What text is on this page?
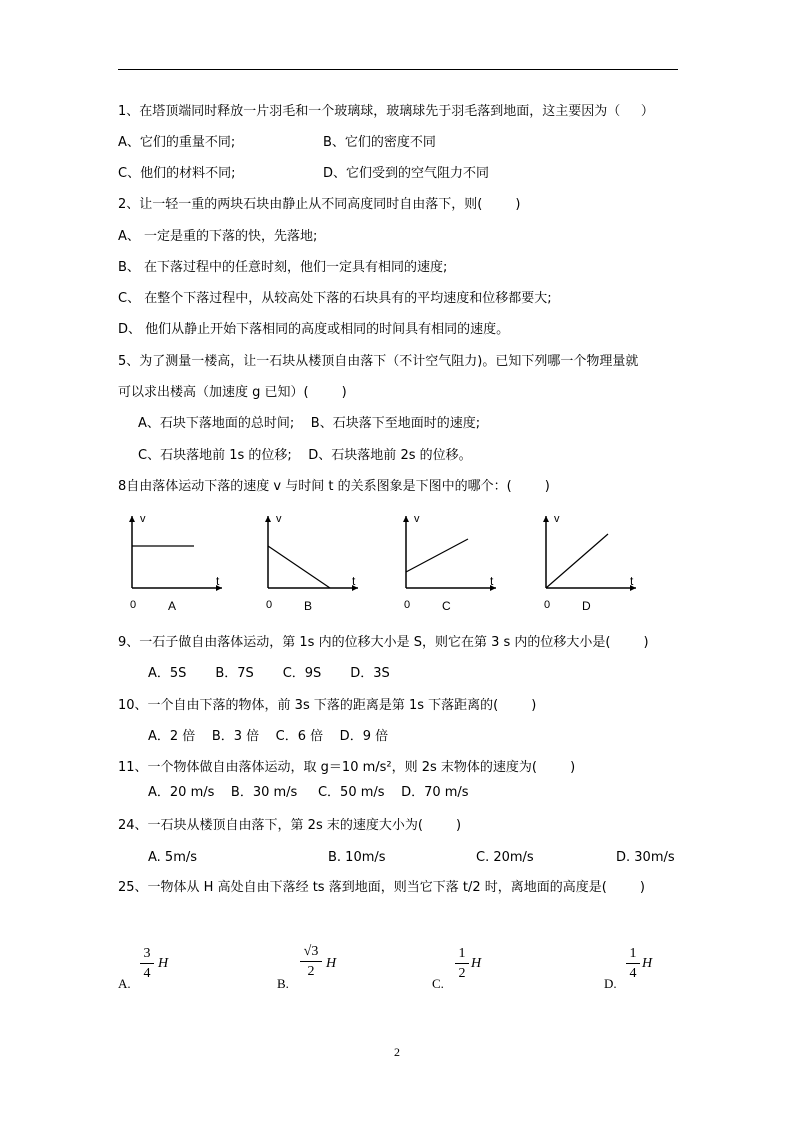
1、在塔顶端同时释放一片羽毛和一个玻璃球，玻璃球先于羽毛落到地面，这主要因为（     ）
A、它们的重量不同;	B、它们的密度不同
C、他们的材料不同;	D、它们受到的空气阻力不同
2、让一轻一重的两块石块由静止从不同高度同时自由落下，则(        )
A、 一定是重的下落的快，先落地;
B、 在下落过程中的任意时刻，他们一定具有相同的速度;
C、 在整个下落过程中，从较高处下落的石块具有的平均速度和位移都要大;
D、 他们从静止开始下落相同的高度或相同的时间具有相同的速度。
5、为了测量一楼高，让一石块从楼顶自由落下（不计空气阻力)。已知下列哪一个物理量就
可以求出楼高（加速度 g 已知）(        )
A、石块下落地面的总时间;    B、石块落下至地面时的速度;
C、石块落地前 1s 的位移;    D、石块落地前 2s 的位移。
8自由落体运动下落的速度 v 与时间 t 的关系图象是下图中的哪个：(        )
v
t
0	A
v
t
0	B
v
t
0	C
v
t
0	D
9、一石子做自由落体运动，第 1s 内的位移大小是 S，则它在第 3 s 内的位移大小是(        )
A．5S       B．7S       C．9S       D．3S
10、一个自由下落的物体，前 3s 下落的距离是第 1s 下落距离的(        )
A．2 倍    B．3 倍    C．6 倍    D．9 倍
11、一个物体做自由落体运动，取 g＝10 m/s²，则 2s 末物体的速度为(        )
A．20 m/s    B．30 m/s     C．50 m/s    D．70 m/s
24、一石块从楼顶自由落下，第 2s 末的速度大小为(        )
A. 5m/s	B. 10m/s	C. 20m/s	D. 30m/s
25、一物体从 H 高处自由下落经 ts 落到地面，则当它下落 t/2 时，离地面的高度是(        )
A.
3
4
H
B.
√3
2
H
C.
1
2
H
D.
1
4
H
2
